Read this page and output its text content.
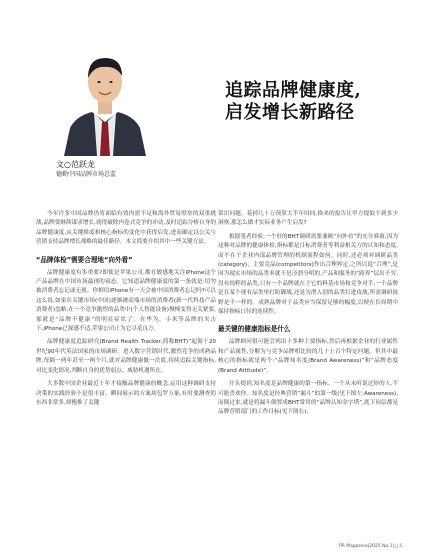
文○范跃龙
德勤中国品牌市场总监
追踪品牌健康度,
启发增长新路径

今年许多中国品牌仍将面临有效内需不足和海外贸易壁垒的双重挑战,品牌要继续谋求增长,就得破除内卷式竞争的冲动,及时追踪分析自身的品牌健康度,从关键维度和核心指标的变化中获得启发,进而确定以公关与营销支持品牌增长战略的最佳路径。本文简要介绍其中一些关键方法。

“品牌体检”需要合理地“向外看”

品牌健康度有多重要?即使是苹果公司,都在敏感地关注iPhone这个产品品牌在中国市场最现的衰态。它知道品牌健康度的第一条就是:切勿被消费者忘记或无视。你相信iPhone有一天会被中国消费者忘记吗?可以这么说,如果在关键市场(中国)逐渐被高端市场的消费者(新一代科技产品消费者)忽略,在一个竞争激烈的品类中(个人智能设备)慢慢变得无关紧要,那就是“品牌不健康”的明显症状了。在华为、小米等品牌的夹击下,iPhone已探感不适,苹果公司正为它寻觅良方。

品牌健康度追踪研究(Brand Health Tracker,简称BHT)”起源于20世纪90年代英法国家的市场调研。进入数字营销时代,激烈竞争的成熟品牌,每隔一两年甚至一两个月,就对品牌健康做一次底,持续追踪关键指标,对比变化情况,判断自身的优势弱点、威胁机遇所在。

大多数中国企业最近十年才接触品牌健康的概念,运用这种调研支持决策的实践经验不是很丰富。瞬间展示的方案却包罗万象,有时要测查的东西非常多,却掩推了关键

常识问题。花掉几十万预算大半年时间,换来的报告让甲方提取不到多少洞察,那怎么做才实际业务产生启发?

根据笔者经验,一个好的BHT调研需要兼顾“向外看”的充分准备,因为这种对品牌的健康体检,指标都是目标消费者等利益相关方的认知和态度,而不在于企业内部品牌管理的机制流程如何。同时,还必须对调研品类(category)、主要竞品(competitors)作出合理界定,之所以说“合理”,是因为現实市场的品类本就不是泾渭分明的,产品和服务的“跨界”层出不穷,没有纯粹的品类,只有一个品牌就在于它的料基市场和竞争对手,一个品牌是在某个现有品类里打防御战,还是为潜入别的品类打进攻战,所需调研视野是不一样的。成熟品牌对于品类应当保留足够的幅度,以便在长周期中保持指标口径的连续性。

最关键的健康指标是什么

品牌顾问很可能会列出十多种主要指标,然后再根据企业的行业属性和产品属性,分解为与竞争品牌相比较的几十上百个特定问题。但其中最核心的指标就是两个:“品牌知名度(Brand Awareness)”和“品牌态度(Brand Attitude)”。

开头提到,知名度是品牌健康的第一指标。一个从未听说过你的人,不可能喜欢你。知名度是经典营销“漏斗”的第一级(见下图左:Awareness),而倒过来,就是将漏斗倒置成BHT常用的“品牌认知金字塔”,底下同层都是品牌营销部门的工作目标(见下图右)。

PR Magazine|2025 No.1|公关
